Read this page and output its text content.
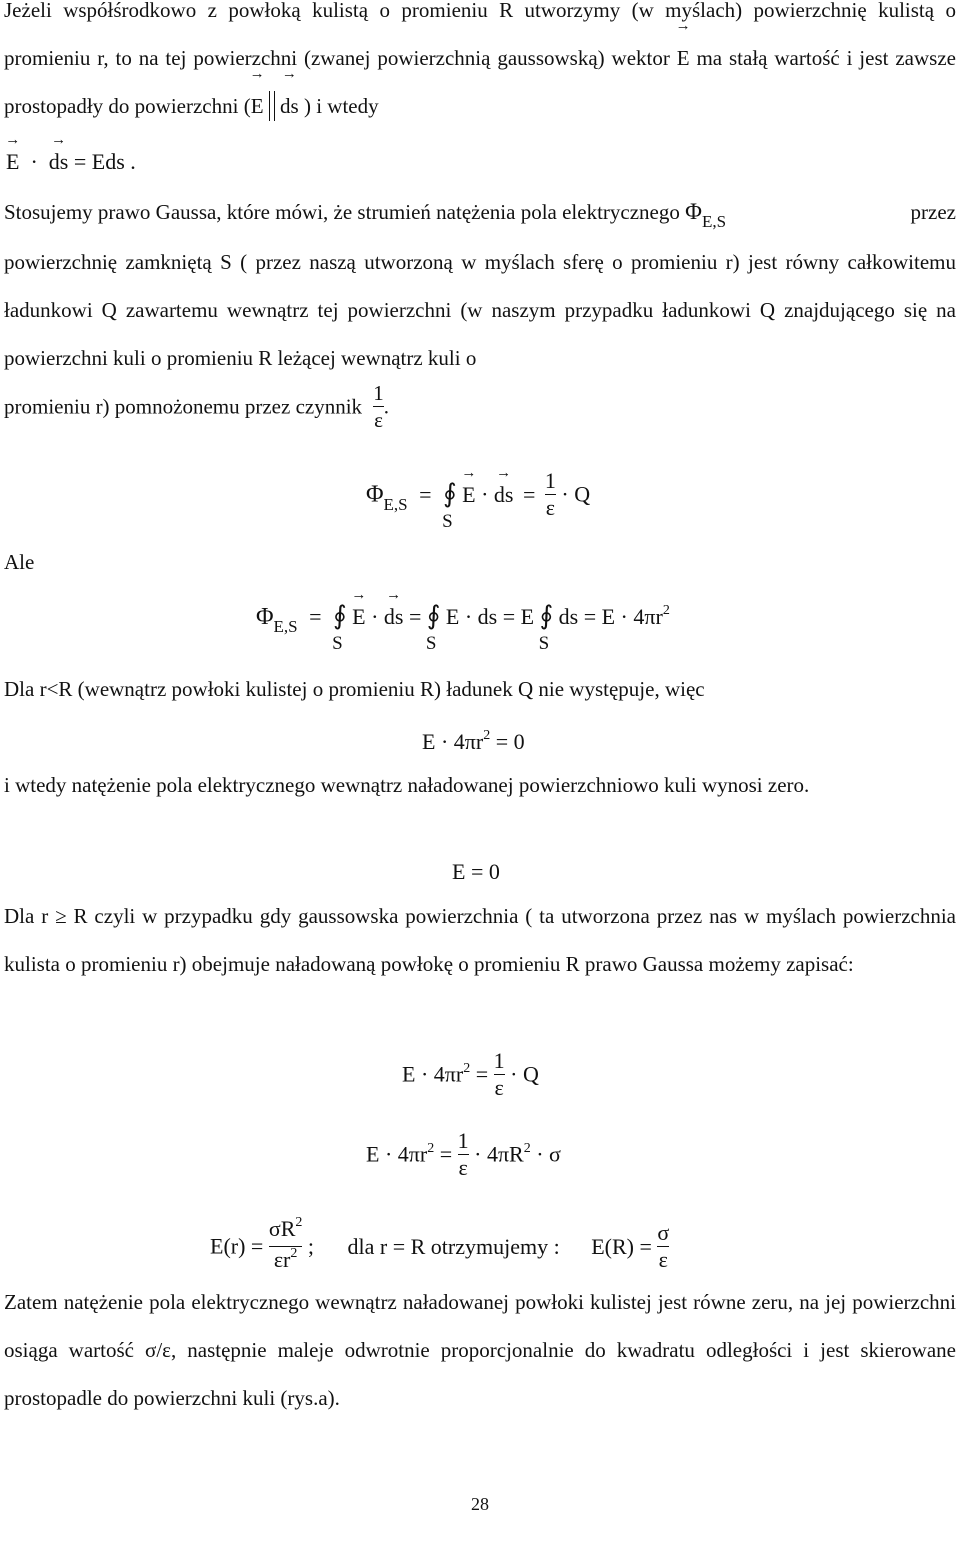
Jeżeli współśrodkowo z powłoką kulistą o promieniu R utworzymy (w myślach) powierzchnię kulistą o promieniu r, to na tej powierzchni (zwanej powierzchnią gaussowską) wektor → E ma stałą wartość i jest zawsze prostopadły do powierzchni (→ E → ds ) i wtedy
→ E  ·  → ds = Eds .
Stosujemy prawo Gaussa, które mówi, że strumień natężenia pola elektrycznego $\Phi_{E,S}$	przez
powierzchnię zamkniętą S ( przez naszą utworzoną w myślach sferę o promieniu r) jest równy całkowitemu ładunkowi Q zawartemu wewnątrz tej powierzchni (w naszym przypadku ładunkowi Q znajdującego się na powierzchni kuli o promieniu R leżącej wewnątrz kuli o
promieniu r) pomnożonemu przez czynnik $\frac{1}{\varepsilon}$ .
$\Phi_{E,S}$ = ∮
S
→ E · → ds = $\frac{1}{\varepsilon} \cdot Q$
Ale
$\Phi_{E,S}$ = ∮
S
→ E · → ds = ∮
S
E · ds = E ∮
S
ds = $E \cdot 4\pi r^2$
Dla r<R (wewnątrz powłoki kulistej o promieniu R) ładunek Q nie występuje, więc
$E \cdot 4\pi r^2 = 0$
i wtedy natężenie pola elektrycznego wewnątrz naładowanej powierzchniowo kuli wynosi zero.
E = 0
Dla r ≥ R czyli w przypadku gdy gaussowska powierzchnia ( ta utworzona przez nas w myślach powierzchnia kulista o promieniu r) obejmuje naładowaną powłokę o promieniu R prawo Gaussa możemy zapisać:
$E \cdot 4\pi r^2 = \frac{1}{\varepsilon} \cdot Q$
$E \cdot 4\pi r^2 = \frac{1}{\varepsilon} \cdot 4\pi R^2 \cdot \sigma$
$E(r) = \frac{\sigma R^2}{\varepsilon r^2}$ ; dla r = R otrzymujemy : $E(R) = \frac{\sigma}{\varepsilon}$
Zatem natężenie pola elektrycznego wewnątrz naładowanej powłoki kulistej jest równe zeru, na jej powierzchni osiąga wartość σ/ε, następnie maleje odwrotnie proporcjonalnie do kwadratu odległości i jest skierowane prostopadle do powierzchni kuli (rys.a).
28
